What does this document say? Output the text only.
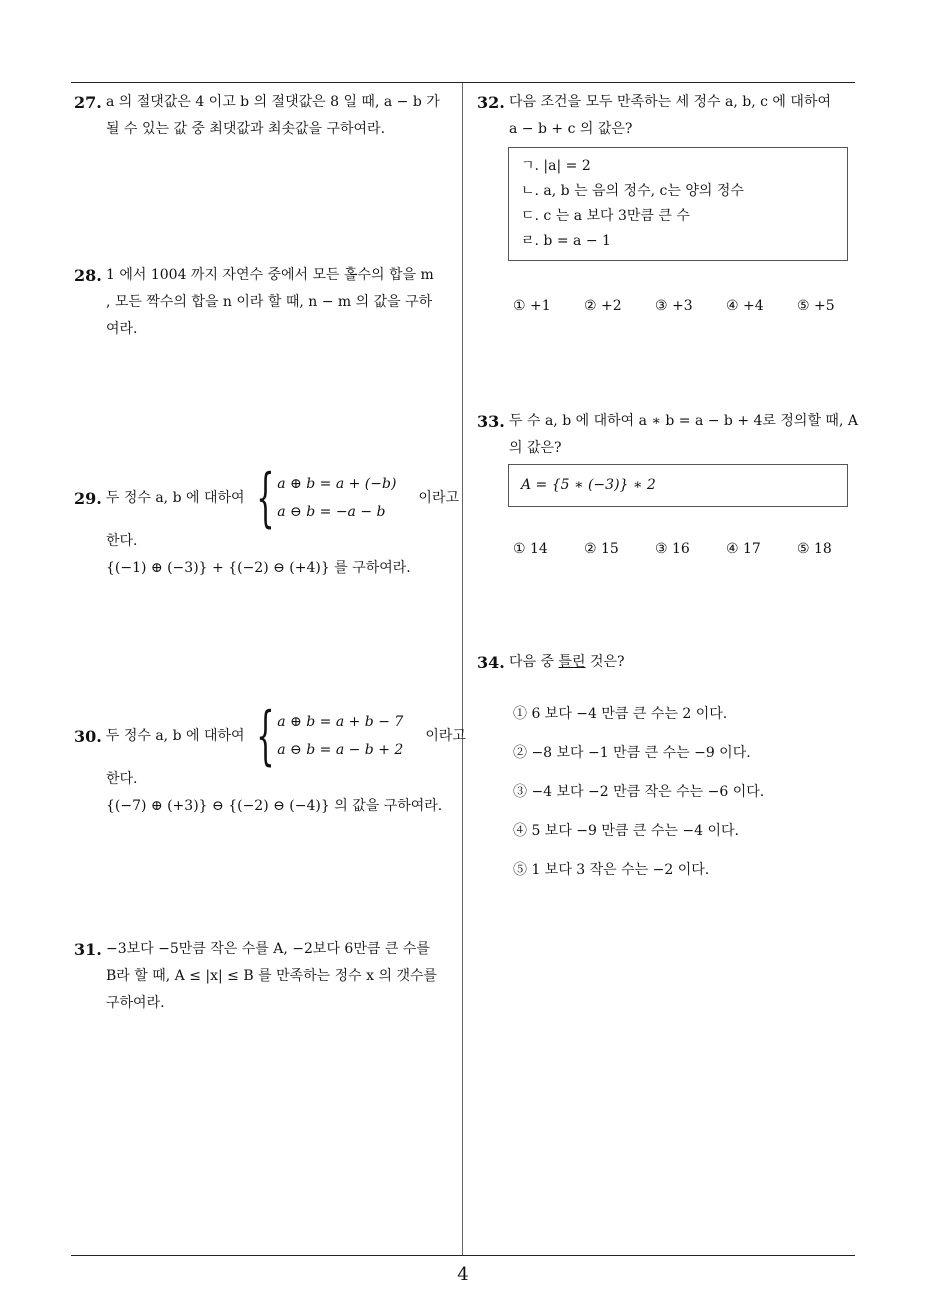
27. a 의 절댓값은 4 이고 b 의 절댓값은 8 일 때, a − b 가
될 수 있는 값 중 최댓값과 최솟값을 구하여라.
28. 1 에서 1004 까지 자연수 중에서 모든 홀수의 합을 m
, 모든 짝수의 합을 n 이라 할 때, n − m 의 값을 구하
여라.
29. 두 정수 a, b 에 대하여 { a ⊕ b = a + (−b)
a ⊖ b = −a − b
이라고
한다.
{(−1) ⊕ (−3)} + {(−2) ⊖ (+4)} 를 구하여라.
30. 두 정수 a, b 에 대하여 { a ⊕ b = a + b − 7
a ⊖ b = a − b + 2
이라고
한다.
{(−7) ⊕ (+3)} ⊖ {(−2) ⊖ (−4)} 의 값을 구하여라.
31. −3보다 −5만큼 작은 수를 A, −2보다 6만큼 큰 수를
B라 할 때, A ≤ |x| ≤ B 를 만족하는 정수 x 의 갯수를
구하여라.
32. 다음 조건을 모두 만족하는 세 정수 a, b, c 에 대하여
a − b + c 의 값은?
ㄱ. |a| = 2
ㄴ. a, b 는 음의 정수, c는 양의 정수
ㄷ. c 는 a 보다 3만큼 큰 수
ㄹ. b = a − 1
① +1	② +2	③ +3	④ +4	⑤ +5
33. 두 수 a, b 에 대하여 a ∗ b = a − b + 4로 정의할 때, A
의 값은?
A = {5 ∗ (−3)} ∗ 2
① 14	② 15	③ 16	④ 17	⑤ 18
34. 다음 중 틀린 것은?
① 6 보다 −4 만큼 큰 수는 2 이다.
② −8 보다 −1 만큼 큰 수는 −9 이다.
③ −4 보다 −2 만큼 작은 수는 −6 이다.
④ 5 보다 −9 만큼 큰 수는 −4 이다.
⑤ 1 보다 3 작은 수는 −2 이다.
4
